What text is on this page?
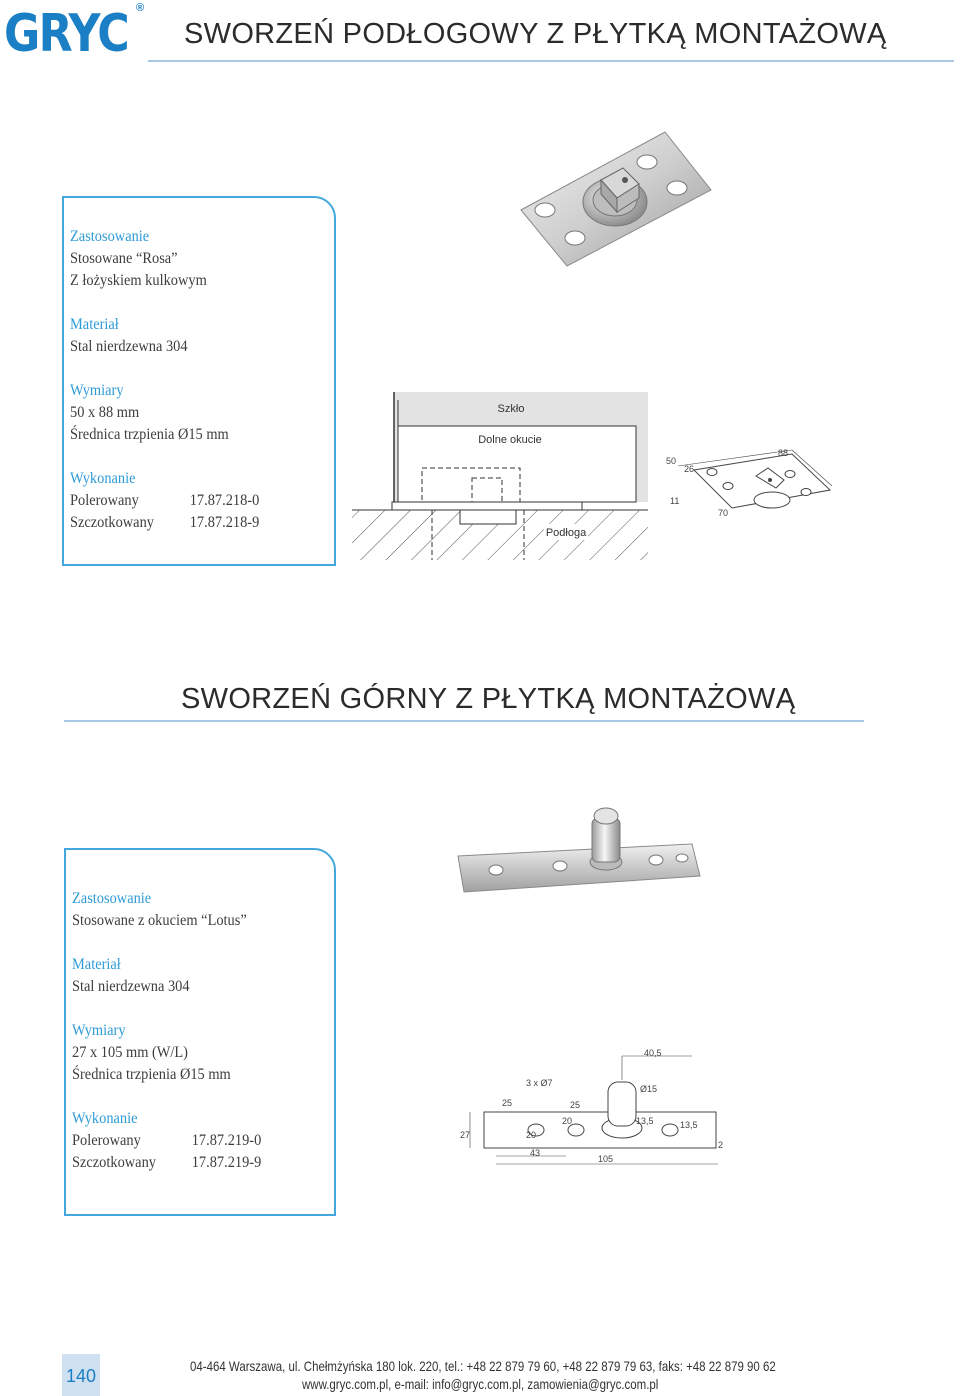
GRYC ®
SWORZEŃ PODŁOGOWY Z PŁYTKĄ MONTAŻOWĄ
Zastosowanie
Stosowane “Rosa”
Z łożyskiem kulkowym
Materiał
Stal nierdzewna 304
Wymiary
50 x 88 mm
Średnica trzpienia Ø15 mm
Wykonanie
Polerowany	17.87.218-0
Szczotkowany 17.87.218-9
Szkło
Dolne okucie
Podłoga
50
26
88
11
70
SWORZEŃ GÓRNY Z PŁYTKĄ MONTAŻOWĄ
Zastosowanie
Stosowane z okuciem “Lotus”
Materiał
Stal nierdzewna 304
Wymiary
27 x 105 mm (W/L)
Średnica trzpienia Ø15 mm
Wykonanie
Polerowany	17.87.219-0
Szczotkowany 17.87.219-9
40,5
3 x Ø7
Ø15
25	25
27	20
20	13,5	13,5
43
105
2
140	04-464 Warszawa, ul. Chełmżyńska 180 lok. 220, tel.: +48 22 879 79 60, +48 22 879 79 63, faks: +48 22 879 90 62
www.gryc.com.pl, e-mail: info@gryc.com.pl, zamowienia@gryc.com.pl
